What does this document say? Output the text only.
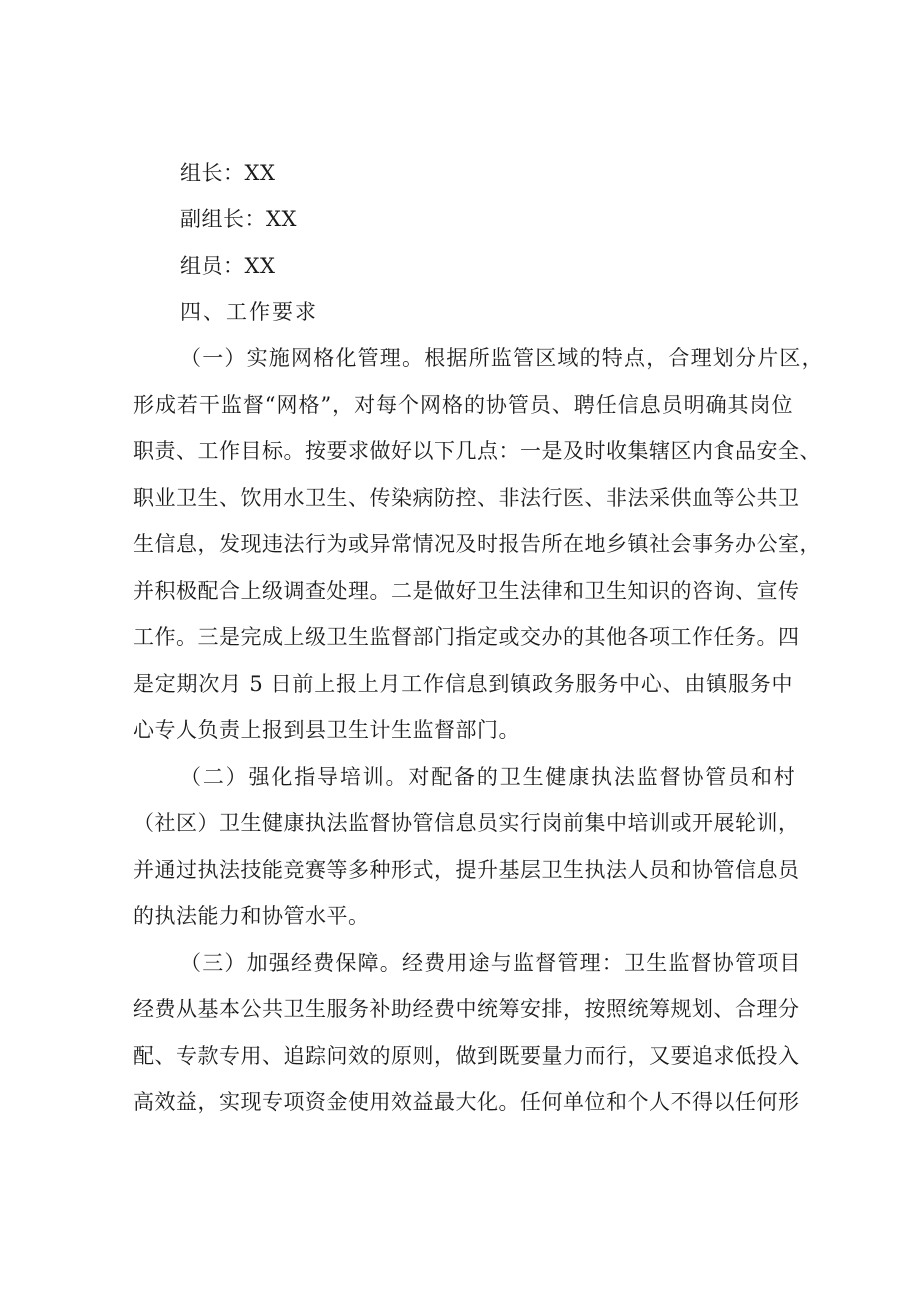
组长：XX
副组长：XX
组员：XX
四、工作要求
（一）实施网格化管理。根据所监管区域的特点，合理划分片区，
形成若干监督“网格”，对每个网格的协管员、聘任信息员明确其岗位
职责、工作目标。按要求做好以下几点：一是及时收集辖区内食品安全、
职业卫生、饮用水卫生、传染病防控、非法行医、非法采供血等公共卫
生信息，发现违法行为或异常情况及时报告所在地乡镇社会事务办公室，
并积极配合上级调查处理。二是做好卫生法律和卫生知识的咨询、宣传
工作。三是完成上级卫生监督部门指定或交办的其他各项工作任务。四
是定期次月 5 日前上报上月工作信息到镇政务服务中心、由镇服务中
心专人负责上报到县卫生计生监督部门。
（二）强化指导培训。对配备的卫生健康执法监督协管员和村
（社区）卫生健康执法监督协管信息员实行岗前集中培训或开展轮训，
并通过执法技能竞赛等多种形式，提升基层卫生执法人员和协管信息员
的执法能力和协管水平。
（三）加强经费保障。经费用途与监督管理：卫生监督协管项目
经费从基本公共卫生服务补助经费中统筹安排，按照统筹规划、合理分
配、专款专用、追踪问效的原则，做到既要量力而行，又要追求低投入
高效益，实现专项资金使用效益最大化。任何单位和个人不得以任何形
